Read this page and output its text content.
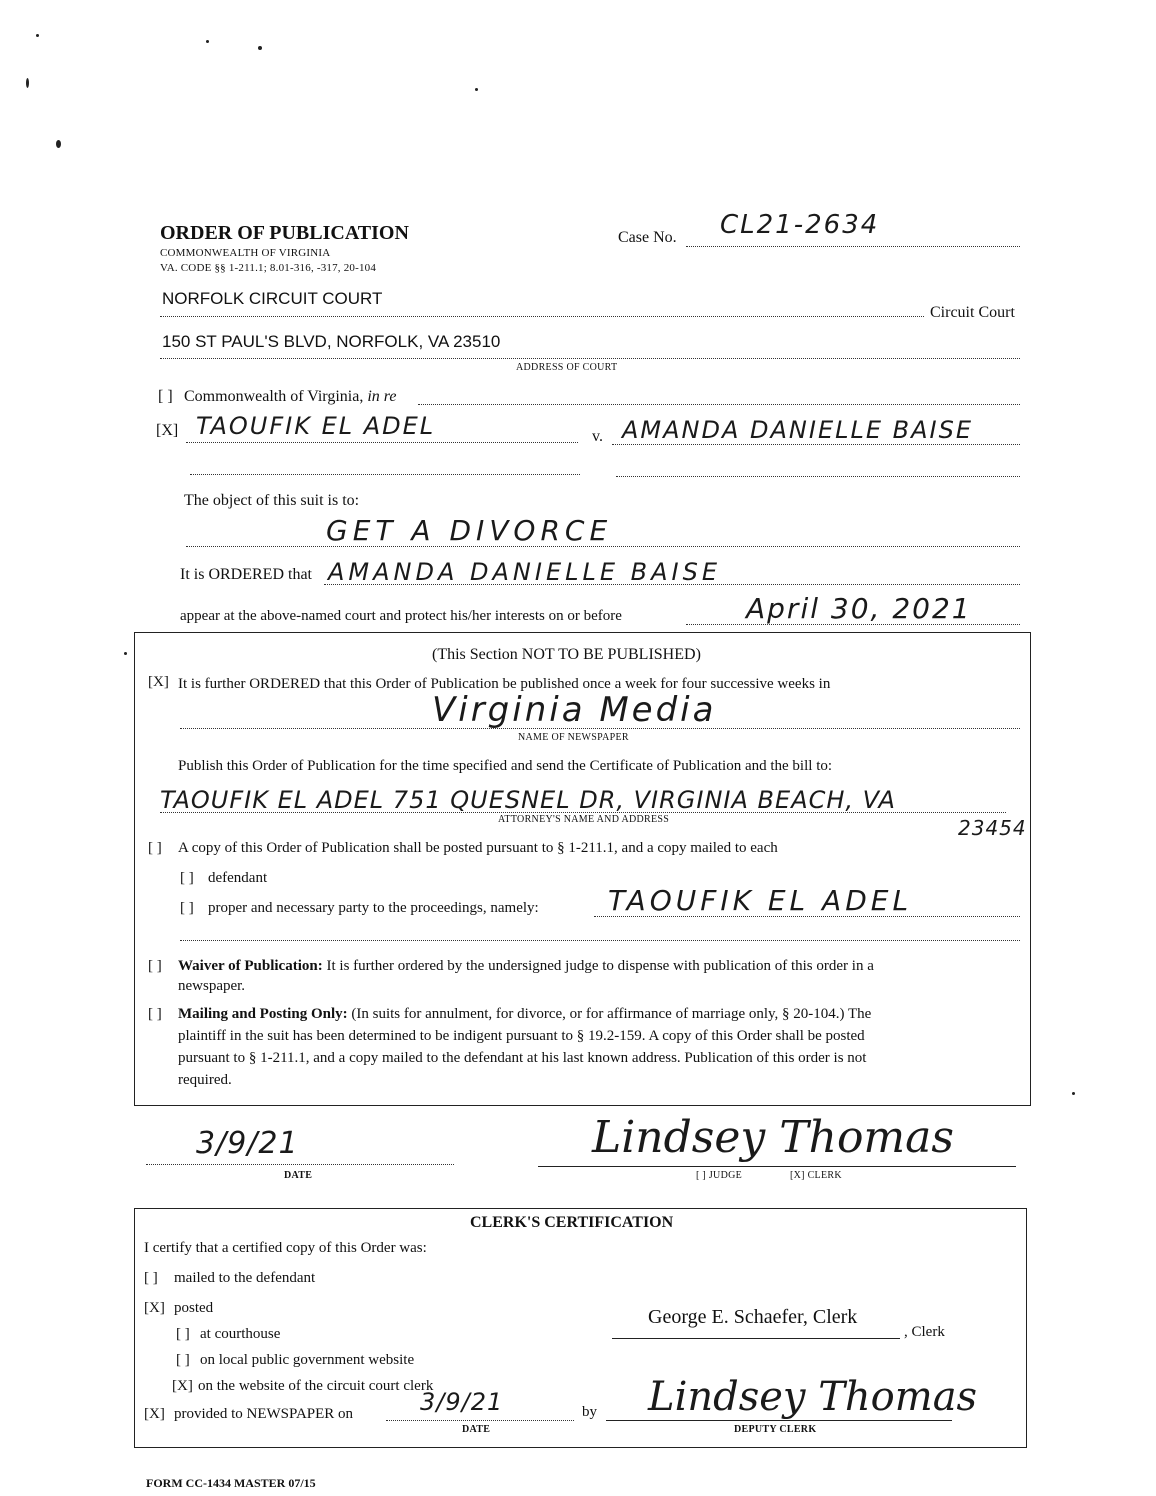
ORDER OF PUBLICATION
COMMONWEALTH OF VIRGINIA
VA. CODE §§ 1-211.1; 8.01-316, -317, 20-104
Case No. CL21-2634
NORFOLK CIRCUIT COURT
Circuit Court
150 ST PAUL'S BLVD, NORFOLK, VA 23510
ADDRESS OF COURT
[ ] Commonwealth of Virginia, in re
[X] TAOUFIK EL ADEL	v. AMANDA DANIELLE BAISE
The object of this suit is to:
GET A DIVORCE
It is ORDERED that AMANDA DANIELLE BAISE
appear at the above-named court and protect his/her interests on or before	April 30, 2021
(This Section NOT TO BE PUBLISHED)
[X] It is further ORDERED that this Order of Publication be published once a week for four successive weeks in
Virginia Media
NAME OF NEWSPAPER
Publish this Order of Publication for the time specified and send the Certificate of Publication and the bill to:
TAOUFIK EL ADEL 751 QUESNEL DR, VIRGINIA BEACH, VA
ATTORNEY'S NAME AND ADDRESS	23454
[ ] A copy of this Order of Publication shall be posted pursuant to § 1-211.1, and a copy mailed to each
[ ] defendant
[ ] proper and necessary party to the proceedings, namely: TAOUFIK EL ADEL
[ ] Waiver of Publication: It is further ordered by the undersigned judge to dispense with publication of this order in a
newspaper.
[ ] Mailing and Posting Only: (In suits for annulment, for divorce, or for affirmance of marriage only, § 20-104.) The
plaintiff in the suit has been determined to be indigent pursuant to § 19.2-159. A copy of this Order shall be posted
pursuant to § 1-211.1, and a copy mailed to the defendant at his last known address. Publication of this order is not
required.
3/9/21
DATE
Lindsey Thomas
[ ] JUDGE	[X] CLERK
CLERK'S CERTIFICATION
I certify that a certified copy of this Order was:
[ ] mailed to the defendant
[X] posted
[ ] at courthouse
[ ] on local public government website
[X] on the website of the circuit court clerk
[X] provided to NEWSPAPER on	3/9/21
DATE
by
George E. Schaefer, Clerk
, Clerk
Lindsey Thomas
DEPUTY CLERK
FORM CC-1434 MASTER 07/15
